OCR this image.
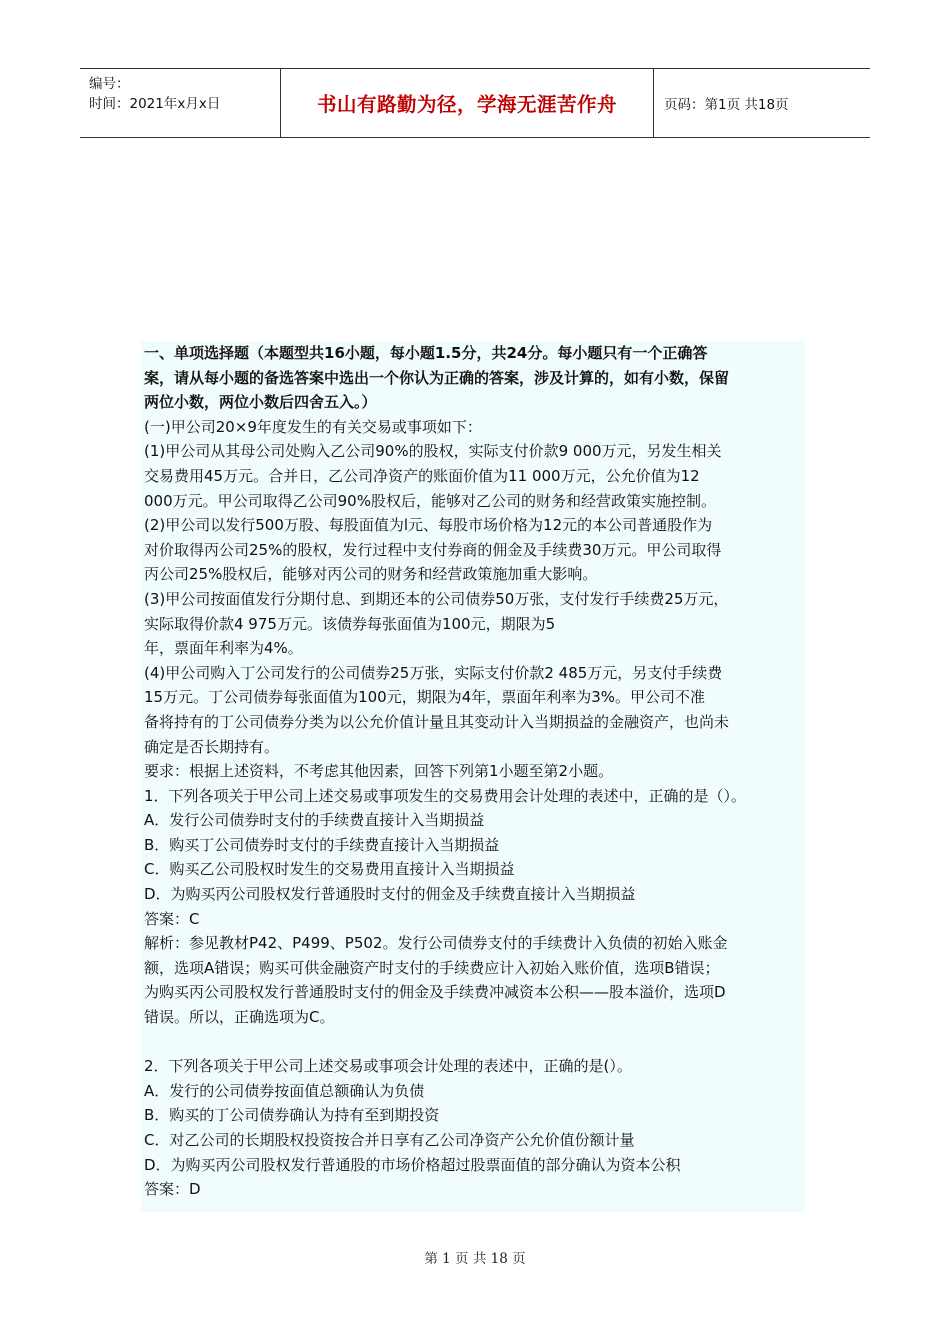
编号：
时间：2021年x月x日	书山有路勤为径，学海无涯苦作舟	页码：第1页 共18页

一、单项选择题（本题型共16小题，每小题1.5分，共24分。每小题只有一个正确答

案，请从每小题的备选答案中选出一个你认为正确的答案，涉及计算的，如有小数，保留

两位小数，两位小数后四舍五入。）

(一)甲公司20×9年度发生的有关交易或事项如下：

(1)甲公司从其母公司处购入乙公司90%的股权，实际支付价款9 000万元，另发生相关

交易费用45万元。合并日，乙公司净资产的账面价值为11 000万元，公允价值为12

000万元。甲公司取得乙公司90%股权后，能够对乙公司的财务和经营政策实施控制。

(2)甲公司以发行500万股、每股面值为l元、每股市场价格为12元的本公司普通股作为

对价取得丙公司25%的股权，发行过程中支付券商的佣金及手续费30万元。甲公司取得

丙公司25%股权后，能够对丙公司的财务和经营政策施加重大影响。

(3)甲公司按面值发行分期付息、到期还本的公司债券50万张，支付发行手续费25万元，

实际取得价款4 975万元。该债券每张面值为100元，期限为5

年，票面年利率为4%。

(4)甲公司购入丁公司发行的公司债券25万张，实际支付价款2 485万元，另支付手续费

15万元。丁公司债券每张面值为100元，期限为4年，票面年利率为3%。甲公司不准

备将持有的丁公司债券分类为以公允价值计量且其变动计入当期损益的金融资产，也尚未

确定是否长期持有。

要求：根据上述资料，不考虑其他因素，回答下列第1小题至第2小题。

1．下列各项关于甲公司上述交易或事项发生的交易费用会计处理的表述中，正确的是（）。

A．发行公司债券时支付的手续费直接计入当期损益

B．购买丁公司债券时支付的手续费直接计入当期损益

C．购买乙公司股权时发生的交易费用直接计入当期损益

D．为购买丙公司股权发行普通股时支付的佣金及手续费直接计入当期损益

答案：C

解析：参见教材P42、P499、P502。发行公司债券支付的手续费计入负债的初始入账金

额，选项A错误；购买可供金融资产时支付的手续费应计入初始入账价值，选项B错误；

为购买丙公司股权发行普通股时支付的佣金及手续费冲减资本公积——股本溢价，选项D

错误。所以，正确选项为C。

2．下列各项关于甲公司上述交易或事项会计处理的表述中，正确的是(）。

A．发行的公司债券按面值总额确认为负债

B．购买的丁公司债券确认为持有至到期投资

C．对乙公司的长期股权投资按合并日享有乙公司净资产公允价值份额计量

D．为购买丙公司股权发行普通股的市场价格超过股票面值的部分确认为资本公积

答案：D

第 1 页 共 18 页
